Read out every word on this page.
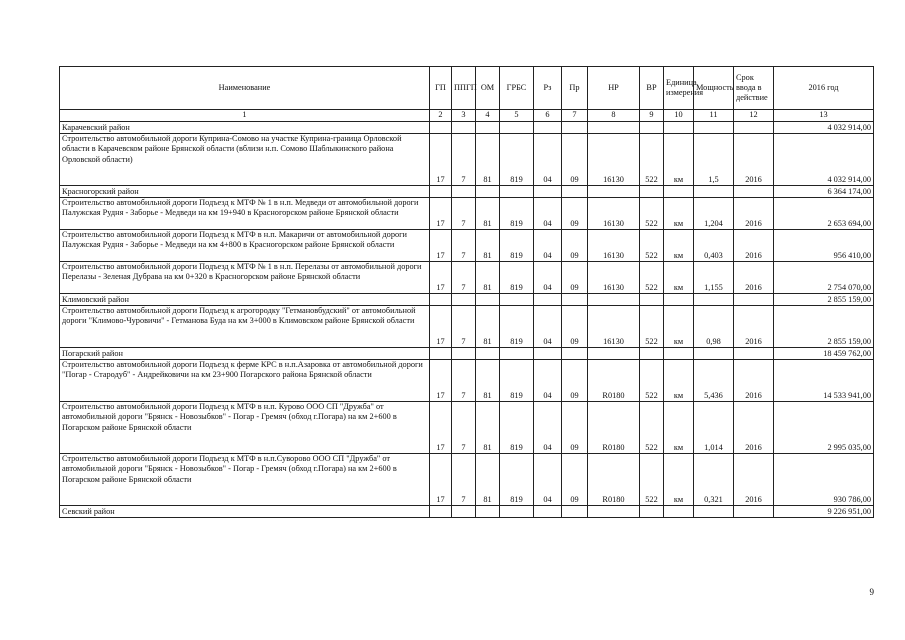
Наименование	ГП	ППГП	ОМ	ГРБС	Рз	Пр	НР	ВР	Единица измерения	Мощность	Срок ввода в действие	2016 год
1	2	3	4	5	6	7	8	9	10	11	12	13
Карачевский район												4 032 914,00
Строительство автомобильной дороги Куприна-Сомово на участке Куприна-граница Орловской области в Карачевском районе Брянской области (вблизи н.п. Сомово Шаблыкинского района Орловской области)	17	7	81	819	04	09	16130	522	км	1,5	2016	4 032 914,00
Красногорский район												6 364 174,00
Строительство автомобильной дороги Подъезд к МТФ № 1 в н.п. Медведи от автомобильной дороги Палужская Рудня - Заборье - Медведи на км 19+940 в Красногорском районе Брянской области	17	7	81	819	04	09	16130	522	км	1,204	2016	2 653 694,00
Строительство автомобильной дороги Подъезд к МТФ в н.п. Макаричи от автомобильной дороги Палужская Рудня - Заборье - Медведи на км 4+800 в Красногорском районе Брянской области	17	7	81	819	04	09	16130	522	км	0,403	2016	956 410,00
Строительство автомобильной дороги Подъезд к МТФ № 1 в н.п. Перелазы от автомобильной дороги Перелазы - Зеленая Дубрава на км 0+320 в Красногорском районе Брянской области	17	7	81	819	04	09	16130	522	км	1,155	2016	2 754 070,00
Климовский район												2 855 159,00
Строительство автомобильной дороги Подъезд к агрогородку "Гетмановбудский" от автомобильной дороги "Климово-Чуровичи" - Гетманова Буда на км 3+000 в Климовском районе Брянской области	17	7	81	819	04	09	16130	522	км	0,98	2016	2 855 159,00
Погарский район												18 459 762,00
Строительство автомобильной дороги Подъезд к ферме КРС в н.п.Азаровка от автомобильной дороги "Погар - Стародуб" - Андрейковичи на км 23+900 Погарского района Брянской области	17	7	81	819	04	09	R0180	522	км	5,436	2016	14 533 941,00
Строительство автомобильной дороги Подъезд к МТФ в н.п. Курово ООО СП "Дружба" от автомобильной дороги "Брянск - Новозыбков" - Погар - Гремяч (обход г.Погара) на км 2+600 в Погарском районе Брянской области	17	7	81	819	04	09	R0180	522	км	1,014	2016	2 995 035,00
Строительство автомобильной дороги Подъезд к МТФ в н.п.Суворово ООО СП "Дружба" от автомобильной дороги "Брянск - Новозыбков" - Погар - Гремяч (обход г.Погара) на км 2+600 в Погарском районе Брянской области	17	7	81	819	04	09	R0180	522	км	0,321	2016	930 786,00
Севский район												9 226 951,00
9
